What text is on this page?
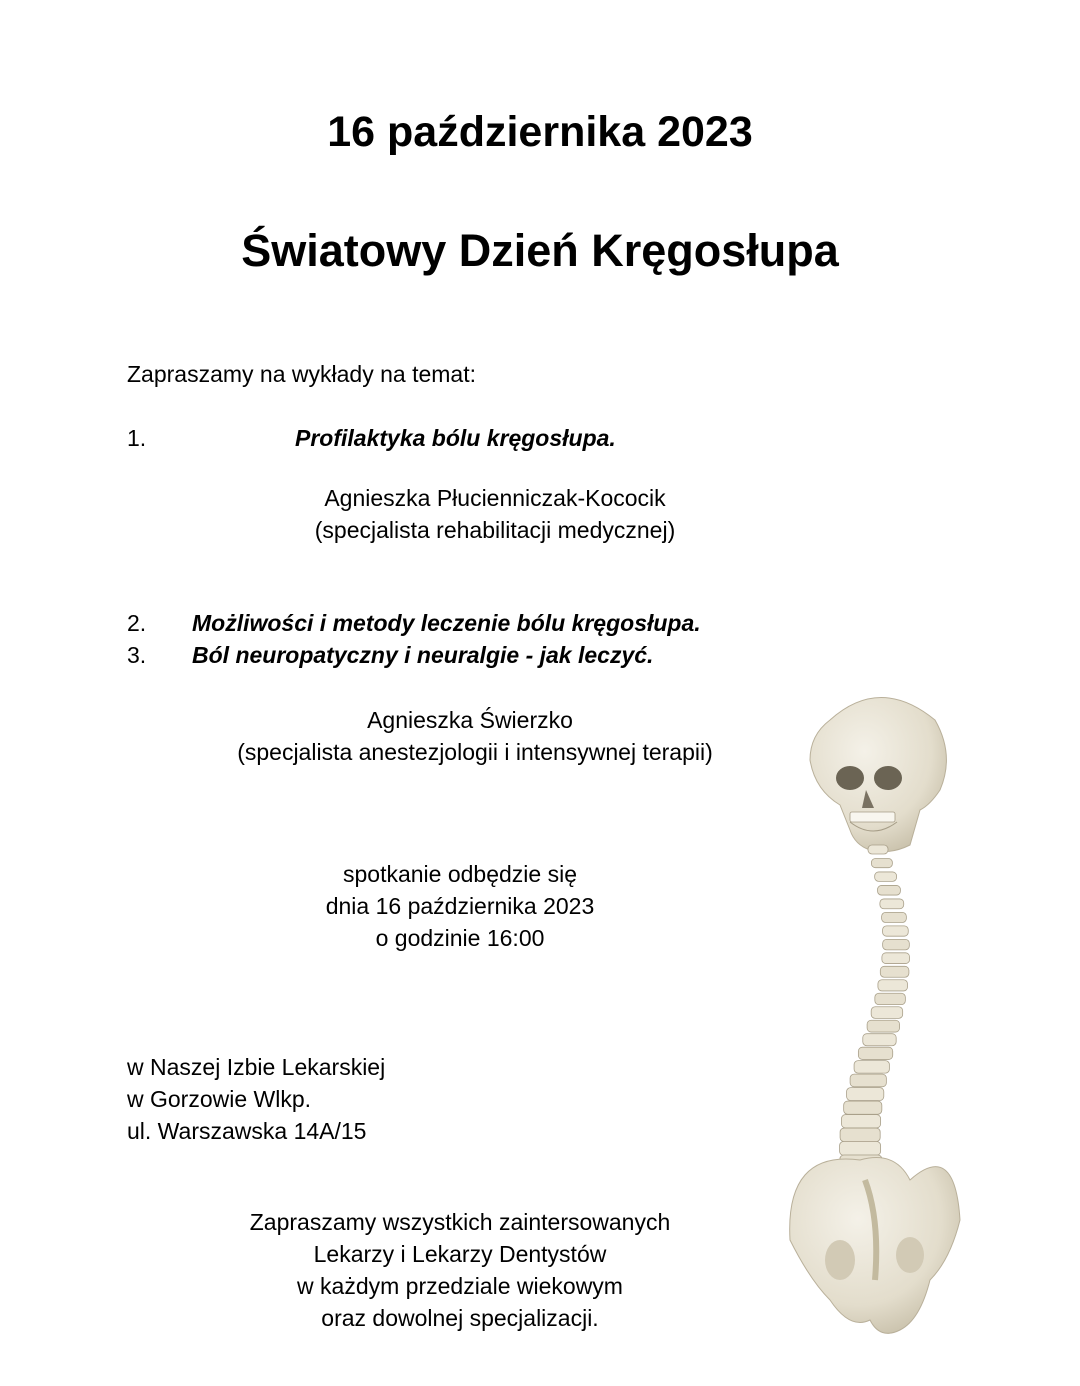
16 października 2023
Światowy Dzień Kręgosłupa
Zapraszamy na wykłady na temat:
1.	Profilaktyka bólu kręgosłupa.
Agnieszka Płucienniczak-Kococik
(specjalista rehabilitacji medycznej)
2. Możliwości i metody leczenie bólu kręgosłupa.
3. Ból neuropatyczny i neuralgie - jak leczyć.
Agnieszka Świerzko
(specjalista anestezjologii i intensywnej terapii)
spotkanie odbędzie się
dnia 16 października 2023
o godzinie 16:00
w Naszej Izbie Lekarskiej
w Gorzowie Wlkp.
ul. Warszawska 14A/15
Zapraszamy wszystkich zaintersowanych
Lekarzy i Lekarzy Dentystów
w każdym przedziale wiekowym
oraz dowolnej specjalizacji.
